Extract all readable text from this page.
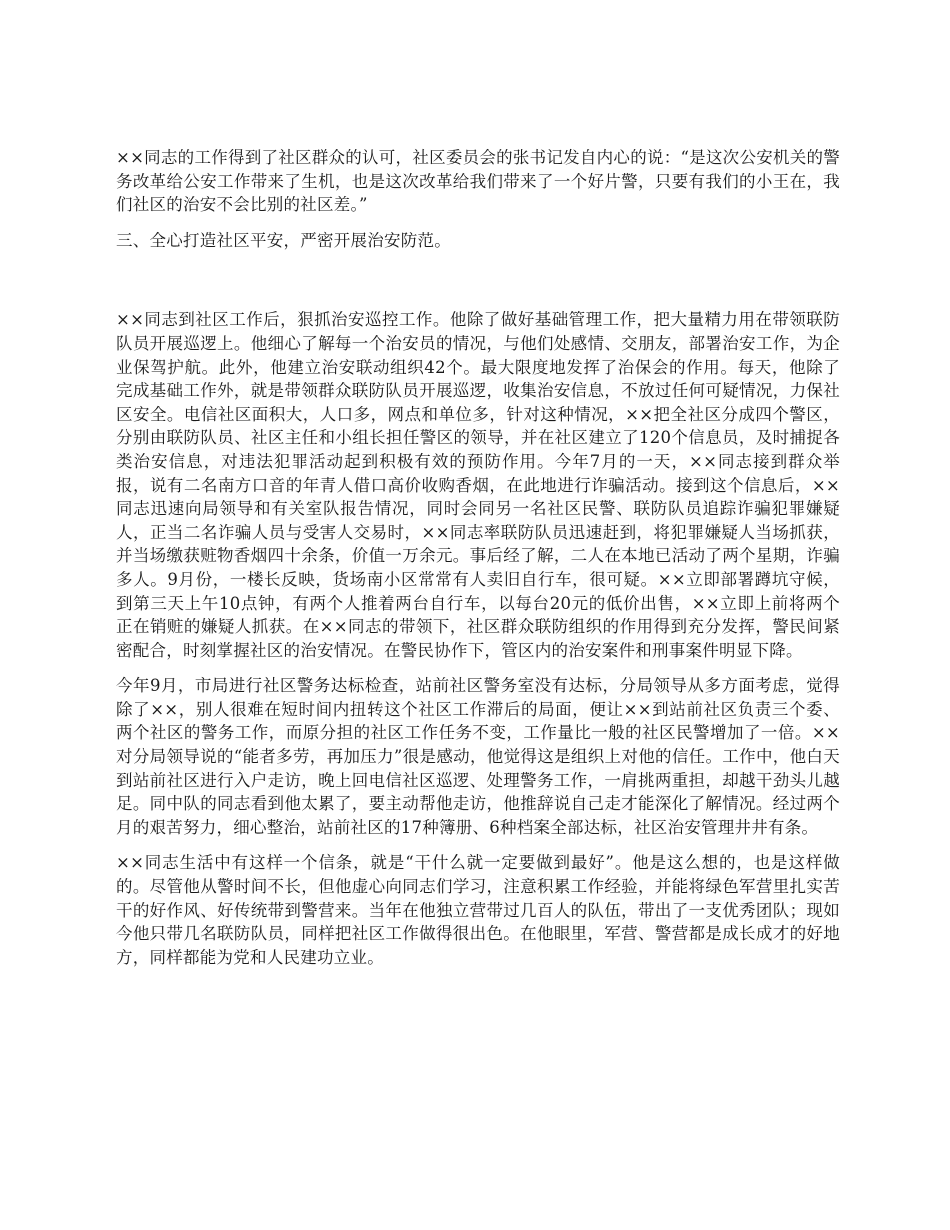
××同志的工作得到了社区群众的认可，社区委员会的张书记发自内心的说：“是这次公安机关的警务改革给公安工作带来了生机，也是这次改革给我们带来了一个好片警，只要有我们的小王在，我们社区的治安不会比别的社区差。”

三、全心打造社区平安，严密开展治安防范。

××同志到社区工作后，狠抓治安巡控工作。他除了做好基础管理工作，把大量精力用在带领联防队员开展巡逻上。他细心了解每一个治安员的情况，与他们处感情、交朋友，部署治安工作，为企业保驾护航。此外，他建立治安联动组织42个。最大限度地发挥了治保会的作用。每天，他除了完成基础工作外，就是带领群众联防队员开展巡逻，收集治安信息，不放过任何可疑情况，力保社区安全。电信社区面积大，人口多，网点和单位多，针对这种情况，××把全社区分成四个警区，分别由联防队员、社区主任和小组长担任警区的领导，并在社区建立了120个信息员，及时捕捉各类治安信息，对违法犯罪活动起到积极有效的预防作用。今年7月的一天，××同志接到群众举报，说有二名南方口音的年青人借口高价收购香烟，在此地进行诈骗活动。接到这个信息后，××同志迅速向局领导和有关室队报告情况，同时会同另一名社区民警、联防队员追踪诈骗犯罪嫌疑人，正当二名诈骗人员与受害人交易时，××同志率联防队员迅速赶到，将犯罪嫌疑人当场抓获，并当场缴获赃物香烟四十余条，价值一万余元。事后经了解，二人在本地已活动了两个星期，诈骗多人。9月份，一楼长反映，货场南小区常常有人卖旧自行车，很可疑。××立即部署蹲坑守候，到第三天上午10点钟，有两个人推着两台自行车，以每台20元的低价出售，××立即上前将两个正在销赃的嫌疑人抓获。在××同志的带领下，社区群众联防组织的作用得到充分发挥，警民间紧密配合，时刻掌握社区的治安情况。在警民协作下，管区内的治安案件和刑事案件明显下降。

今年9月，市局进行社区警务达标检查，站前社区警务室没有达标，分局领导从多方面考虑，觉得除了××，别人很难在短时间内扭转这个社区工作滞后的局面，便让××到站前社区负责三个委、两个社区的警务工作，而原分担的社区工作任务不变，工作量比一般的社区民警增加了一倍。××对分局领导说的“能者多劳，再加压力”很是感动，他觉得这是组织上对他的信任。工作中，他白天到站前社区进行入户走访，晚上回电信社区巡逻、处理警务工作，一肩挑两重担，却越干劲头儿越足。同中队的同志看到他太累了，要主动帮他走访，他推辞说自己走才能深化了解情况。经过两个月的艰苦努力，细心整治，站前社区的17种簿册、6种档案全部达标，社区治安管理井井有条。

××同志生活中有这样一个信条，就是“干什么就一定要做到最好”。他是这么想的，也是这样做的。尽管他从警时间不长，但他虚心向同志们学习，注意积累工作经验，并能将绿色军营里扎实苦干的好作风、好传统带到警营来。当年在他独立营带过几百人的队伍，带出了一支优秀团队；现如今他只带几名联防队员，同样把社区工作做得很出色。在他眼里，军营、警营都是成长成才的好地方，同样都能为党和人民建功立业。
